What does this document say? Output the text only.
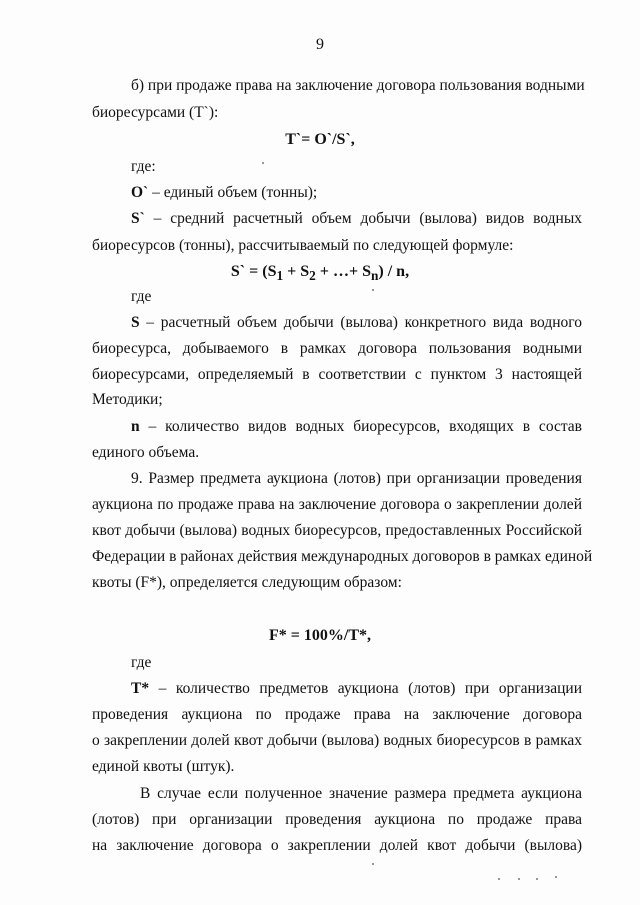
9
б) при продаже права на заключение договора пользования водными
биоресурсами (T`):
T`= O`/S`,
где:
O` – единый объем (тонны);
S` – средний расчетный объем добычи (вылова) видов водных
биоресурсов (тонны), рассчитываемый по следующей формуле:
S` = ($S_1 + S_2$ + …+ $S_n$) / n,
где
S – расчетный объем добычи (вылова) конкретного вида водного
биоресурса, добываемого в рамках договора пользования водными
биоресурсами, определяемый в соответствии с пунктом 3 настоящей
Методики;
n – количество видов водных биоресурсов, входящих в состав
единого объема.
9. Размер предмета аукциона (лотов) при организации проведения
аукциона по продаже права на заключение договора о закреплении долей
квот добычи (вылова) водных биоресурсов, предоставленных Российской
Федерации в районах действия международных договоров в рамках единой
квоты (F*), определяется следующим образом:
F* = 100%/T*,
где
T* – количество предметов аукциона (лотов) при организации
проведения аукциона по продаже права на заключение договора
о закреплении долей квот добычи (вылова) водных биоресурсов в рамках
единой квоты (штук).
В случае если полученное значение размера предмета аукциона
(лотов) при организации проведения аукциона по продаже права
на заключение договора о закреплении долей квот добычи (вылова)
